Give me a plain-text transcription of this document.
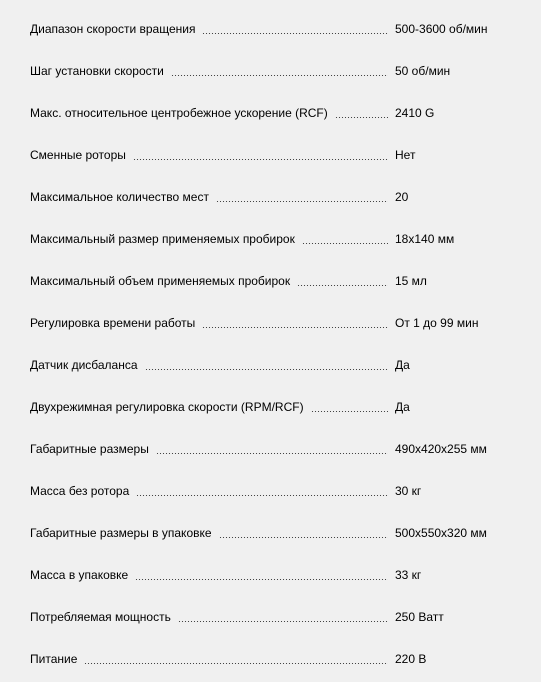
Диапазон скорости вращения	500-3600 об/мин
Шаг установки скорости	50 об/мин
Макс. относительное центробежное ускорение (RCF)	2410 G
Сменные роторы	Нет
Максимальное количество мест	20
Максимальный размер применяемых пробирок	18x140 мм
Максимальный объем применяемых пробирок	15 мл
Регулировка времени работы	От 1 до 99 мин
Датчик дисбаланса	Да
Двухрежимная регулировка скорости (RPM/RCF)	Да
Габаритные размеры	490x420x255 мм
Масса без ротора	30 кг
Габаритные размеры в упаковке	500x550x320 мм
Масса в упаковке	33 кг
Потребляемая мощность	250 Ватт
Питание	220 В
